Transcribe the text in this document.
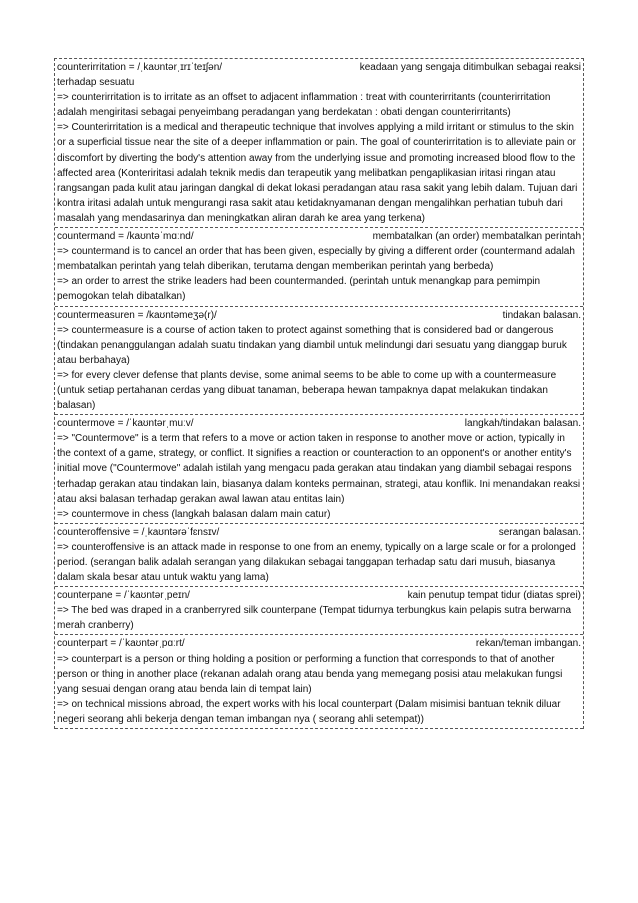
counterirritation = /ˌkaʊntərˌɪrɪˈteɪʃən/	keadaan yang sengaja ditimbulkan sebagai reaksi
terhadap sesuatu
=> counterirritation is to irritate as an offset to adjacent inflammation : treat with counterirritants (counterirritation adalah mengiritasi sebagai penyeimbang peradangan yang berdekatan : obati dengan counterirritants)
=> Counterirritation is a medical and therapeutic technique that involves applying a mild irritant or stimulus to the skin or a superficial tissue near the site of a deeper inflammation or pain. The goal of counterirritation is to alleviate pain or discomfort by diverting the body's attention away from the underlying issue and promoting increased blood flow to the affected area (Konteriritasi adalah teknik medis dan terapeutik yang melibatkan pengaplikasian iritasi ringan atau rangsangan pada kulit atau jaringan dangkal di dekat lokasi peradangan atau rasa sakit yang lebih dalam. Tujuan dari kontra iritasi adalah untuk mengurangi rasa sakit atau ketidaknyamanan dengan mengalihkan perhatian tubuh dari masalah yang mendasarinya dan meningkatkan aliran darah ke area yang terkena)
countermand = /kaʊntəˈmɑːnd/	membatalkan (an order) membatalkan perintah
=> countermand is to cancel an order that has been given, especially by giving a different order (countermand adalah membatalkan perintah yang telah diberikan, terutama dengan memberikan perintah yang berbeda)
=> an order to arrest the strike leaders had been countermanded. (perintah untuk menangkap para pemimpin pemogokan telah dibatalkan)
countermeasuren = /kaʊntəmeʒə(r)/	tindakan balasan.
=> countermeasure is a course of action taken to protect against something that is considered bad or dangerous (tindakan penanggulangan adalah suatu tindakan yang diambil untuk melindungi dari sesuatu yang dianggap buruk atau berbahaya)
=> for every clever defense that plants devise, some animal seems to be able to come up with a countermeasure (untuk setiap pertahanan cerdas yang dibuat tanaman, beberapa hewan tampaknya dapat melakukan tindakan balasan)
countermove = /ˈkaʊntərˌmuːv/	langkah/tindakan balasan.
=> "Countermove" is a term that refers to a move or action taken in response to another move or action, typically in the context of a game, strategy, or conflict. It signifies a reaction or counteraction to an opponent's or another entity's initial move ("Countermove" adalah istilah yang mengacu pada gerakan atau tindakan yang diambil sebagai respons terhadap gerakan atau tindakan lain, biasanya dalam konteks permainan, strategi, atau konflik. Ini menandakan reaksi atau aksi balasan terhadap gerakan awal lawan atau entitas lain)
=> countermove in chess (langkah balasan dalam main catur)
counteroffensive = /ˌkaʊntərəˈfɛnsɪv/	serangan balasan.
=> counteroffensive is an attack made in response to one from an enemy, typically on a large scale or for a prolonged period. (serangan balik adalah serangan yang dilakukan sebagai tanggapan terhadap satu dari musuh, biasanya dalam skala besar atau untuk waktu yang lama)
counterpane = /ˈkaʊntərˌpeɪn/	kain penutup tempat tidur (diatas sprei)
=> The bed was draped in a cranberryred silk counterpane (Tempat tidurnya terbungkus kain pelapis sutra berwarna merah cranberry)
counterpart = /ˈkaʊntərˌpɑːrt/	rekan/teman imbangan.
=> counterpart is a person or thing holding a position or performing a function that corresponds to that of another person or thing in another place (rekanan adalah orang atau benda yang memegang posisi atau melakukan fungsi yang sesuai dengan orang atau benda lain di tempat lain)
=> on technical missions abroad, the expert works with his local counterpart (Dalam misimisi bantuan teknik diluar negeri seorang ahli bekerja dengan teman imbangan nya ( seorang ahli setempat))
